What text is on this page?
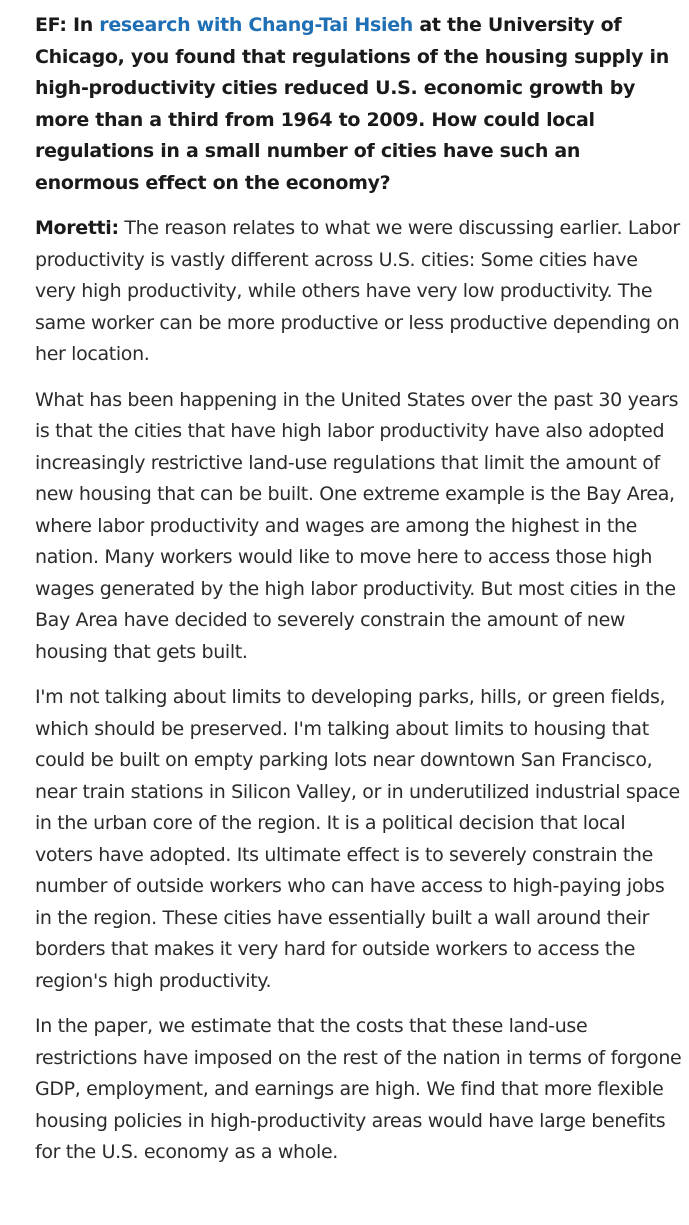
EF: In research with Chang-Tai Hsieh at the University of Chicago, you found that regulations of the housing supply in high-productivity cities reduced U.S. economic growth by more than a third from 1964 to 2009. How could local regulations in a small number of cities have such an enormous effect on the economy?

Moretti: The reason relates to what we were discussing earlier. Labor productivity is vastly different across U.S. cities: Some cities have very high productivity, while others have very low productivity. The same worker can be more productive or less productive depending on her location.

What has been happening in the United States over the past 30 years is that the cities that have high labor productivity have also adopted increasingly restrictive land-use regulations that limit the amount of new housing that can be built. One extreme example is the Bay Area, where labor productivity and wages are among the highest in the nation. Many workers would like to move here to access those high wages generated by the high labor productivity. But most cities in the Bay Area have decided to severely constrain the amount of new housing that gets built.

I'm not talking about limits to developing parks, hills, or green fields, which should be preserved. I'm talking about limits to housing that could be built on empty parking lots near downtown San Francisco, near train stations in Silicon Valley, or in underutilized industrial space in the urban core of the region. It is a political decision that local voters have adopted. Its ultimate effect is to severely constrain the number of outside workers who can have access to high-paying jobs in the region. These cities have essentially built a wall around their borders that makes it very hard for outside workers to access the region's high productivity.

In the paper, we estimate that the costs that these land-use restrictions have imposed on the rest of the nation in terms of forgone GDP, employment, and earnings are high. We find that more flexible housing policies in high-productivity areas would have large benefits for the U.S. economy as a whole.
